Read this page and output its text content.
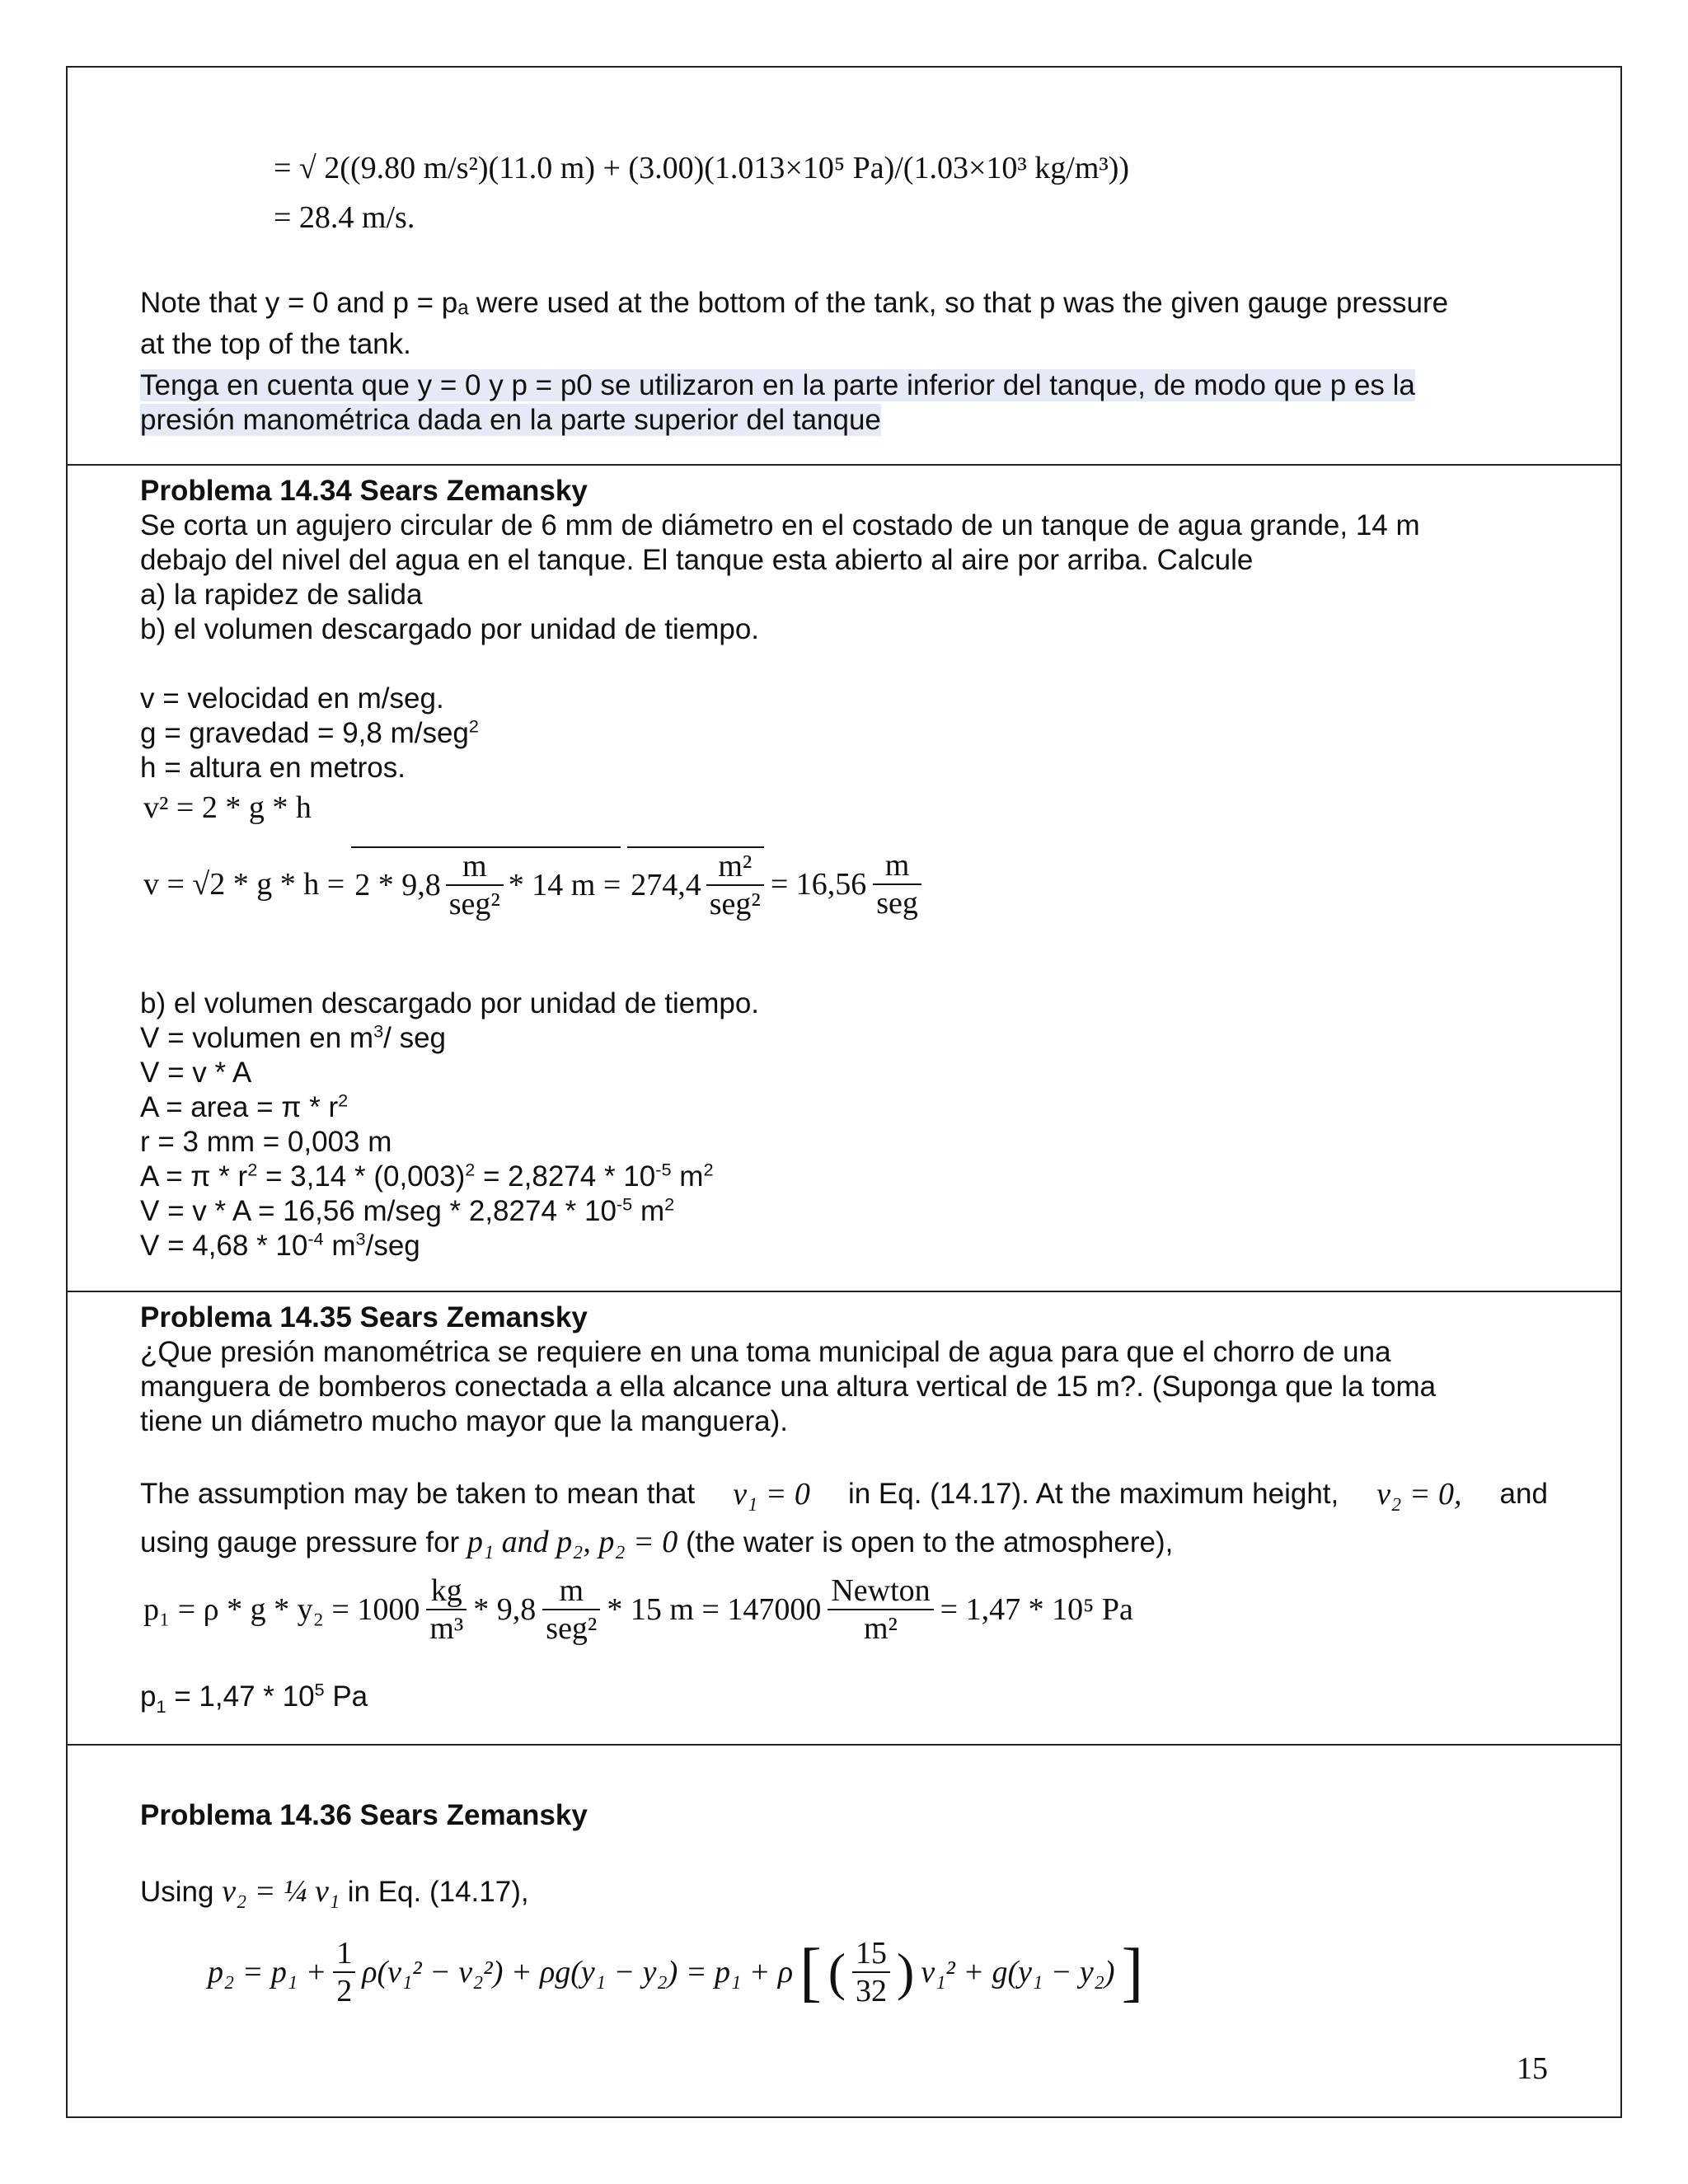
= √ 2((9.80 m/s²)(11.0 m) + (3.00)(1.013×10⁵ Pa)/(1.03×10³ kg/m³))
= 28.4 m/s.
Note that y = 0 and p = pₐ were used at the bottom of the tank, so that p was the given gauge pressure
at the top of the tank.
Tenga en cuenta que y = 0 y p = p0 se utilizaron en la parte inferior del tanque, de modo que p es la
presión manométrica dada en la parte superior del tanque
Problema 14.34 Sears Zemansky
Se corta un agujero circular de 6 mm de diámetro en el costado de un tanque de agua grande, 14 m
debajo del nivel del agua en el tanque. El tanque esta abierto al aire por arriba. Calcule
a) la rapidez de salida
b) el volumen descargado por unidad de tiempo.
v = velocidad en m/seg.
g = gravedad = 9,8 m/seg$^2$
h = altura en metros.
v² = 2 * g * h
$v = √2 * g * h = 2 * 9,8 \frac{m}{\text{seg²}} * 14$ $m = 274,4 \frac{\text{m²}}{\text{seg²}} = 16,56 \frac{m}{\text{seg}}$
b) el volumen descargado por unidad de tiempo.
V = volumen en $m^3/$ seg
V = v * A
A = area = π * $r^2$
r = 3 mm = 0,003 m
$A = \pi * r^2 = 3,14 * (0,003)^2 = 2,8274 * 10^{-5}$ $m^2$
V = v * A = 16,56 $m/seg * 2,8274 * 10^{-5}$ $m^2$
$V = 4,68 * 10^{-4}$ $m^3$/seg
Problema 14.35 Sears Zemansky
¿Que presión manométrica se requiere en una toma municipal de agua para que el chorro de una
manguera de bomberos conectada a ella alcance una altura vertical de 15 m?. (Suponga que la toma
tiene un diámetro mucho mayor que la manguera).
The assumption may be taken to mean that v₁ = 0 in Eq. (14.17). At the maximum height, v₂ = 0, and
using gauge pressure for p₁ and p₂, p₂ = 0 (the water is open to the atmosphere),
$p_1 = \rho * g * y_2 = 1000 \frac{kg}{\text{m³}} * 9,8 \frac{m}{\text{seg²}} * 15$ $m = 147000 \frac{\text{Newton}}{\text{m²}} = 1,47 * 10^5$ Pa
$p_1 = 1,47 * 10^5$ Pa
Problema 14.36 Sears Zemansky
Using v₂ = ¼ v₁ in Eq. (14.17),
$p_2 = p_1 + \frac{1}{2} \rho(v_1^2 - v_2^2) + \rho g(y_1 - y_2) = p_1 + \rho$ [ ( $\frac{15}{32}$ ) v₁² + g(y₁ − y₂) ]
15
